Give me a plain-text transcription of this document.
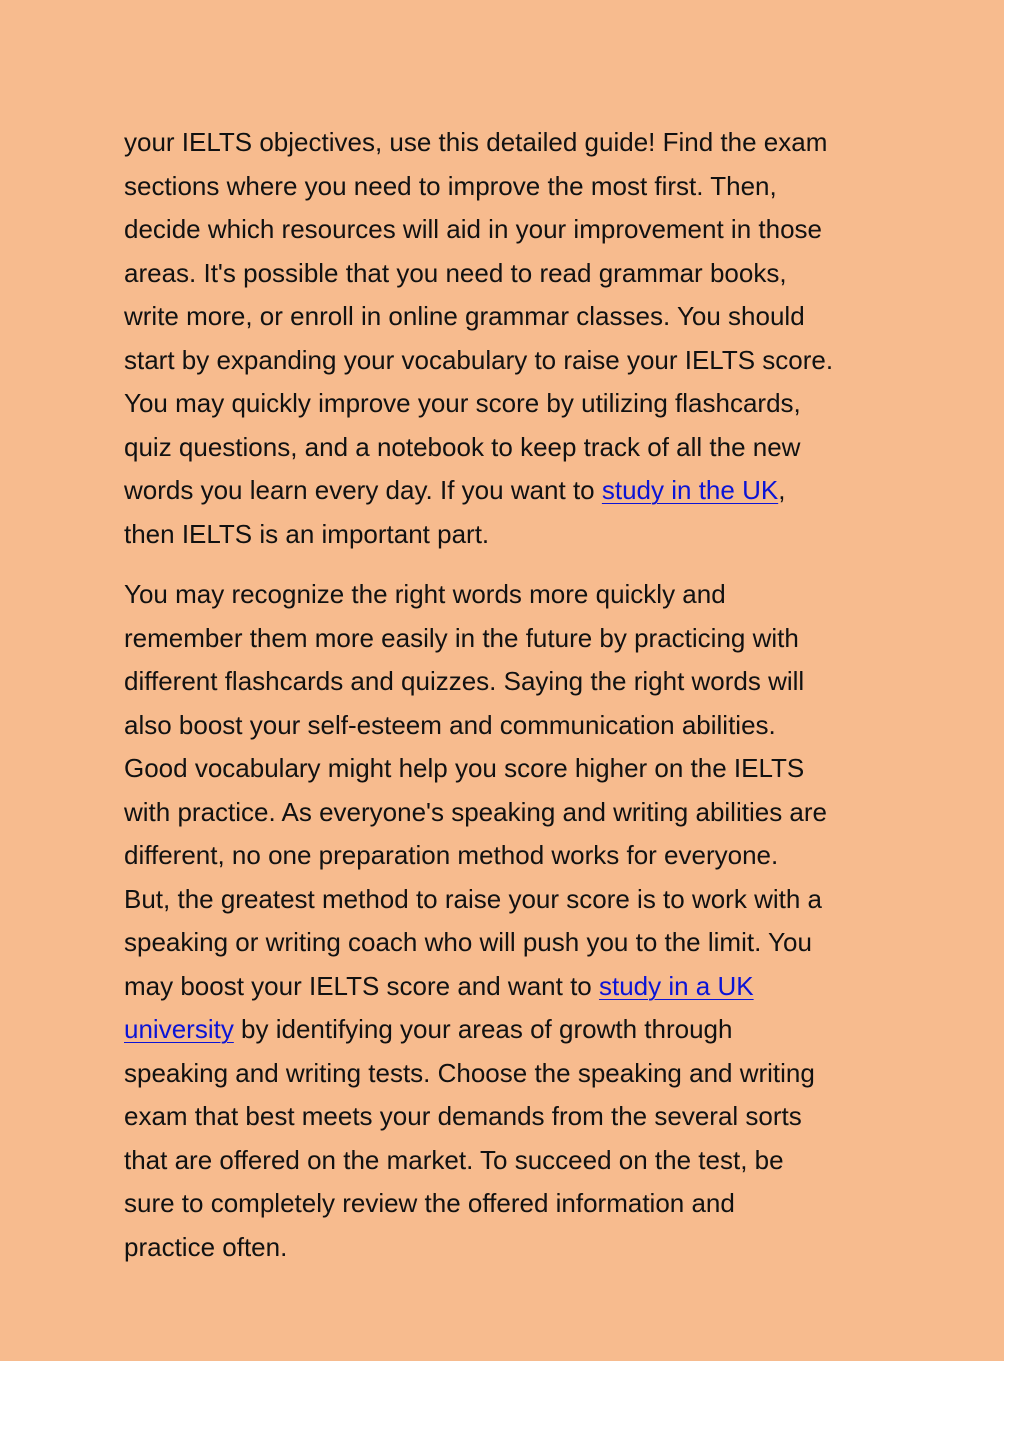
your IELTS objectives, use this detailed guide! Find the exam
sections where you need to improve the most first. Then,
decide which resources will aid in your improvement in those
areas. It's possible that you need to read grammar books,
write more, or enroll in online grammar classes. You should
start by expanding your vocabulary to raise your IELTS score.
You may quickly improve your score by utilizing flashcards,
quiz questions, and a notebook to keep track of all the new
words you learn every day. If you want to study in the UK,
then IELTS is an important part.

You may recognize the right words more quickly and
remember them more easily in the future by practicing with
different flashcards and quizzes. Saying the right words will
also boost your self-esteem and communication abilities.
Good vocabulary might help you score higher on the IELTS
with practice. As everyone's speaking and writing abilities are
different, no one preparation method works for everyone.
But, the greatest method to raise your score is to work with a
speaking or writing coach who will push you to the limit. You
may boost your IELTS score and want to study in a UK
university by identifying your areas of growth through
speaking and writing tests. Choose the speaking and writing
exam that best meets your demands from the several sorts
that are offered on the market. To succeed on the test, be
sure to completely review the offered information and
practice often.
